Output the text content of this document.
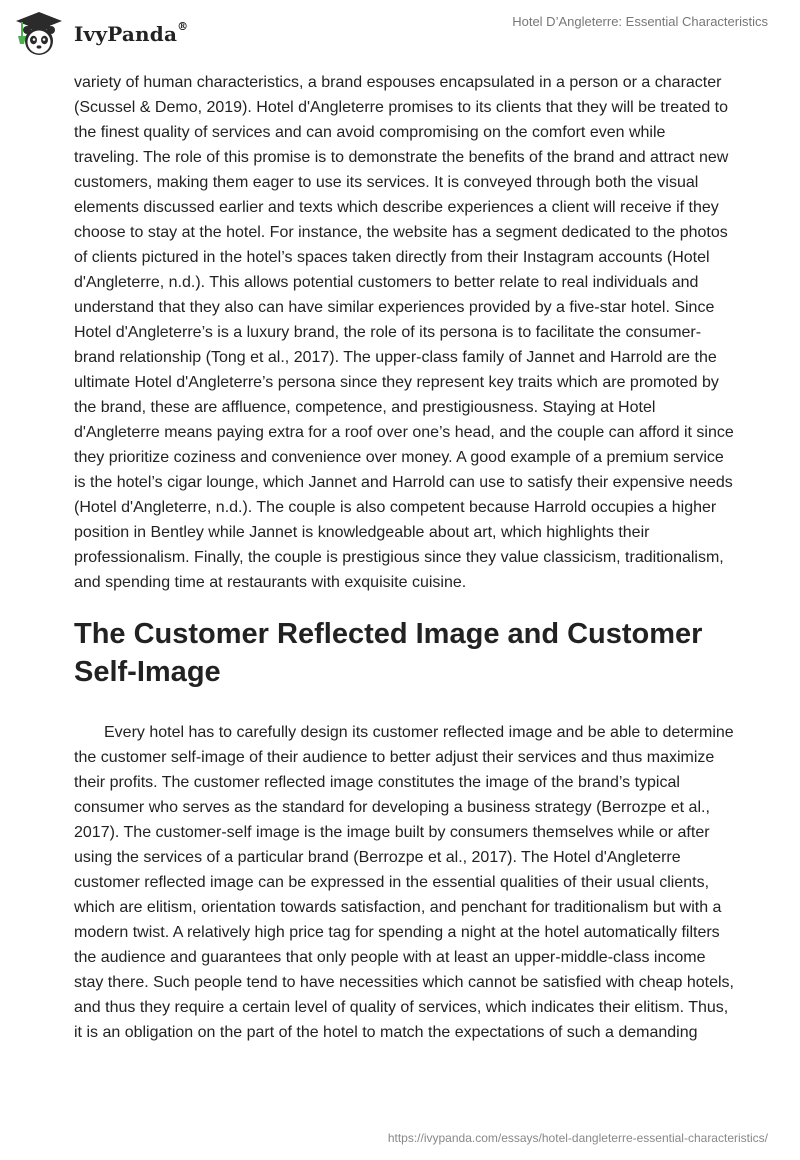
IvyPanda®	Hotel D’Angleterre: Essential Characteristics

variety of human characteristics, a brand espouses encapsulated in a person or a character (Scussel & Demo, 2019). Hotel d'Angleterre promises to its clients that they will be treated to the finest quality of services and can avoid compromising on the comfort even while traveling. The role of this promise is to demonstrate the benefits of the brand and attract new customers, making them eager to use its services. It is conveyed through both the visual elements discussed earlier and texts which describe experiences a client will receive if they choose to stay at the hotel. For instance, the website has a segment dedicated to the photos of clients pictured in the hotel’s spaces taken directly from their Instagram accounts (Hotel d'Angleterre, n.d.). This allows potential customers to better relate to real individuals and understand that they also can have similar experiences provided by a five-star hotel. Since Hotel d'Angleterre’s is a luxury brand, the role of its persona is to facilitate the consumer-brand relationship (Tong et al., 2017). The upper-class family of Jannet and Harrold are the ultimate Hotel d'Angleterre’s persona since they represent key traits which are promoted by the brand, these are affluence, competence, and prestigiousness. Staying at Hotel d'Angleterre means paying extra for a roof over one’s head, and the couple can afford it since they prioritize coziness and convenience over money. A good example of a premium service is the hotel’s cigar lounge, which Jannet and Harrold can use to satisfy their expensive needs (Hotel d'Angleterre, n.d.). The couple is also competent because Harrold occupies a higher position in Bentley while Jannet is knowledgeable about art, which highlights their professionalism. Finally, the couple is prestigious since they value classicism, traditionalism, and spending time at restaurants with exquisite cuisine.

The Customer Reflected Image and Customer Self-Image

Every hotel has to carefully design its customer reflected image and be able to determine the customer self-image of their audience to better adjust their services and thus maximize their profits. The customer reflected image constitutes the image of the brand’s typical consumer who serves as the standard for developing a business strategy (Berrozpe et al., 2017). The customer-self image is the image built by consumers themselves while or after using the services of a particular brand (Berrozpe et al., 2017). The Hotel d'Angleterre customer reflected image can be expressed in the essential qualities of their usual clients, which are elitism, orientation towards satisfaction, and penchant for traditionalism but with a modern twist. A relatively high price tag for spending a night at the hotel automatically filters the audience and guarantees that only people with at least an upper-middle-class income stay there. Such people tend to have necessities which cannot be satisfied with cheap hotels, and thus they require a certain level of quality of services, which indicates their elitism. Thus, it is an obligation on the part of the hotel to match the expectations of such a demanding

https://ivypanda.com/essays/hotel-dangleterre-essential-characteristics/
